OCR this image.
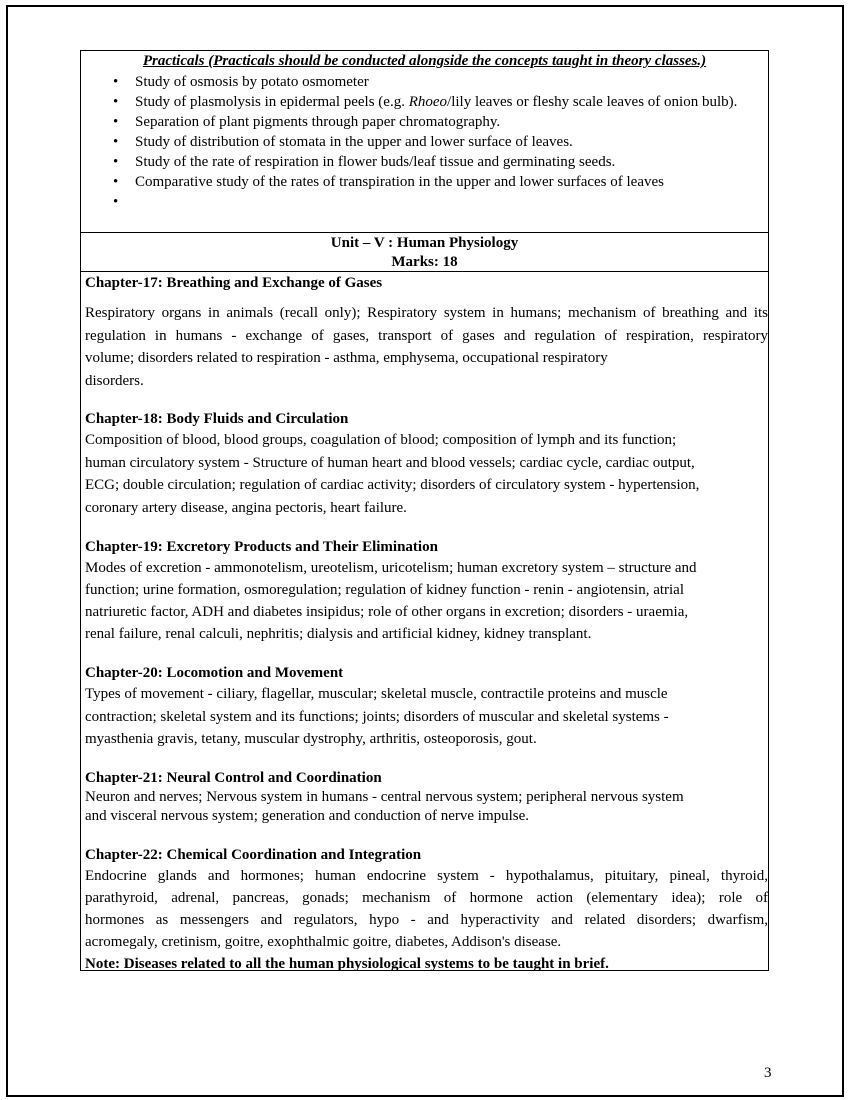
Practicals (Practicals should be conducted alongside the concepts taught in theory classes.)
• Study of osmosis by potato osmometer
• Study of plasmolysis in epidermal peels (e.g. Rhoeo/lily leaves or fleshy scale leaves of onion bulb).
• Separation of plant pigments through paper chromatography.
• Study of distribution of stomata in the upper and lower surface of leaves.
• Study of the rate of respiration in flower buds/leaf tissue and germinating seeds.
• Comparative study of the rates of transpiration in the upper and lower surfaces of leaves
•
Unit – V : Human Physiology
Marks: 18
Chapter-17: Breathing and Exchange of Gases
Respiratory organs in animals (recall only); Respiratory system in humans; mechanism of breathing and its
regulation in humans - exchange of gases, transport of gases and regulation of respiration, respiratory
volume; disorders related to respiration - asthma, emphysema, occupational respiratory
disorders.
Chapter-18: Body Fluids and Circulation
Composition of blood, blood groups, coagulation of blood; composition of lymph and its function;
human circulatory system - Structure of human heart and blood vessels; cardiac cycle, cardiac output,
ECG; double circulation; regulation of cardiac activity; disorders of circulatory system - hypertension,
coronary artery disease, angina pectoris, heart failure.
Chapter-19: Excretory Products and Their Elimination
Modes of excretion - ammonotelism, ureotelism, uricotelism; human excretory system – structure and
function; urine formation, osmoregulation; regulation of kidney function - renin - angiotensin, atrial
natriuretic factor, ADH and diabetes insipidus; role of other organs in excretion; disorders - uraemia,
renal failure, renal calculi, nephritis; dialysis and artificial kidney, kidney transplant.
Chapter-20: Locomotion and Movement
Types of movement - ciliary, flagellar, muscular; skeletal muscle, contractile proteins and muscle
contraction; skeletal system and its functions; joints; disorders of muscular and skeletal systems -
myasthenia gravis, tetany, muscular dystrophy, arthritis, osteoporosis, gout.
Chapter-21: Neural Control and Coordination
Neuron and nerves; Nervous system in humans - central nervous system; peripheral nervous system
and visceral nervous system; generation and conduction of nerve impulse.
Chapter-22: Chemical Coordination and Integration
Endocrine glands and hormones; human endocrine system - hypothalamus, pituitary, pineal, thyroid,
parathyroid, adrenal, pancreas, gonads; mechanism of hormone action (elementary idea); role of
hormones as messengers and regulators, hypo - and hyperactivity and related disorders; dwarfism,
acromegaly, cretinism, goitre, exophthalmic goitre, diabetes, Addison's disease.
Note: Diseases related to all the human physiological systems to be taught in brief.
3
